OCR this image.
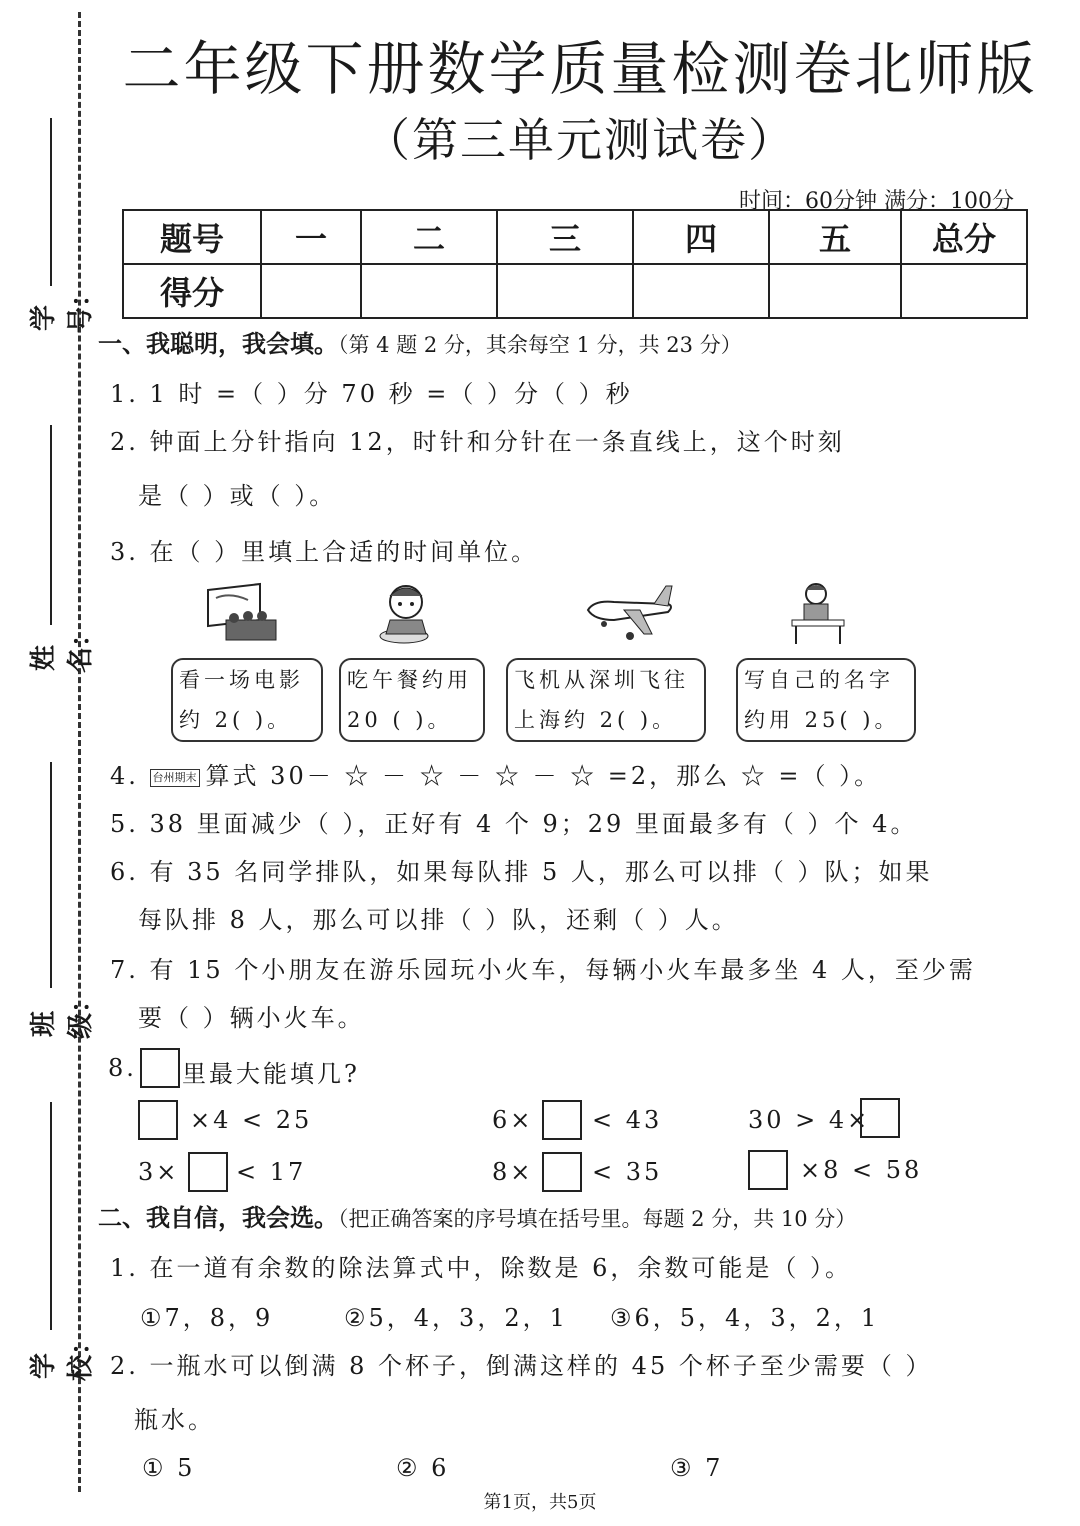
学号：
姓名：
班级：
学校：
二年级下册数学质量检测卷北师版
（第三单元测试卷）
时间：60分钟 满分：100分
题号	一	二	三	四	五	总分
得分						
一、我聪明，我会填。（第 4 题 2 分，其余每空 1 分，共 23 分）
1. 1 时 =（ ）分 70 秒 =（ ）分（ ）秒
2. 钟面上分针指向 12，时针和分针在一条直线上，这个时刻
是（ ）或（ ）。
3. 在（ ）里填上合适的时间单位。
看一场电影
约 2( )。
吃午餐约用
20 ( )。
飞机从深圳飞往
上海约 2( )。
写自己的名字
约用 25( )。
4. 台州期末 算式 30－ ☆ － ☆ － ☆ － ☆ =2，那么 ☆ =（ ）。
5. 38 里面减少（ ），正好有 4 个 9；29 里面最多有（ ）个 4。
6. 有 35 名同学排队，如果每队排 5 人，那么可以排（ ）队；如果
每队排 8 人，那么可以排（ ）队，还剩（ ）人。
7. 有 15 个小朋友在游乐园玩小火车，每辆小火车最多坐 4 人，至少需
要（ ）辆小火车。
8. 里最大能填几?
×4 < 25	6× < 43	30 > 4×
3× < 17	8× < 35	×8 < 58
二、我自信，我会选。（把正确答案的序号填在括号里。每题 2 分，共 10 分）
1. 在一道有余数的除法算式中，除数是 6，余数可能是（ ）。
①7，8，9	②5，4，3，2，1 ③6，5，4，3，2，1
2. 一瓶水可以倒满 8 个杯子，倒满这样的 45 个杯子至少需要（ ）
瓶水。
① 5	② 6	③ 7
第1页，共5页
